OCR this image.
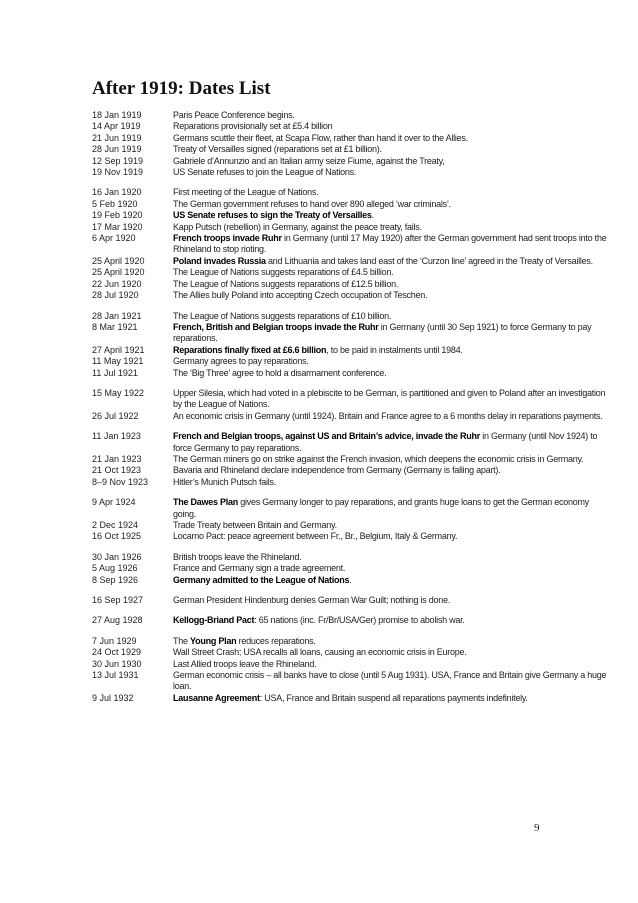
After 1919: Dates List
18 Jan 1919	Paris Peace Conference begins.
14 Apr 1919	Reparations provisionally set at £5.4 billion
21 Jun 1919	Germans scuttle their fleet, at Scapa Flow, rather than hand it over to the Allies.
28 Jun 1919	Treaty of Versailles signed (reparations set at £1 billion).
12 Sep 1919	Gabriele d’Annunzio and an Italian army seize Fiume, against the Treaty,
19 Nov 1919	US Senate refuses to join the League of Nations.
16 Jan 1920	First meeting of the League of Nations.
5 Feb 1920	The German government refuses to hand over 890 alleged ‘war criminals’.
19 Feb 1920	US Senate refuses to sign the Treaty of Versailles.
17 Mar 1920	Kapp Putsch (rebellion) in Germany, against the peace treaty, fails.
6 Apr 1920	French troops invade Ruhr in Germany (until 17 May 1920) after the German government had sent troops into the Rhineland to stop rioting.
25 April 1920	Poland invades Russia and Lithuania and takes land east of the ‘Curzon line’ agreed in the Treaty of Versailles.
25 April 1920	The League of Nations suggests reparations of £4.5 billion.
22 Jun 1920	The League of Nations suggests reparations of £12.5 billion.
28 Jul 1920	The Allies bully Poland into accepting Czech occupation of Teschen.
28 Jan 1921	The League of Nations suggests reparations of £10 billion.
8 Mar 1921	French, British and Belgian troops invade the Ruhr in Germany (until 30 Sep 1921) to force Germany to pay reparations.
27 April 1921	Reparations finally fixed at £6.6 billion, to be paid in instalments until 1984.
11 May 1921	Germany agrees to pay reparations.
11 Jul 1921	The ‘Big Three’ agree to hold a disarmament conference.
15 May 1922	Upper Silesia, which had voted in a plebiscite to be German, is partitioned and given to Poland after an investigation by the League of Nations.
26 Jul 1922	An economic crisis in Germany (until 1924). Britain and France agree to a 6 months delay in reparations payments.
11 Jan 1923	French and Belgian troops, against US and Britain’s advice, invade the Ruhr in Germany (until Nov 1924) to force Germany to pay reparations.
21 Jan 1923	The German miners go on strike against the French invasion, which deepens the economic crisis in Germany.
21 Oct 1923	Bavaria and Rhineland declare independence from Germany (Germany is falling apart).
8–9 Nov 1923	Hitler’s Munich Putsch fails.
9 Apr 1924	The Dawes Plan gives Germany longer to pay reparations, and grants huge loans to get the German economy going.
2 Dec 1924	Trade Treaty between Britain and Germany.
16 Oct 1925	Locarno Pact: peace agreement between Fr., Br., Belgium, Italy & Germany.
30 Jan 1926	British troops leave the Rhineland.
5 Aug 1926	France and Germany sign a trade agreement.
8 Sep 1926	Germany admitted to the League of Nations.
16 Sep 1927	German President Hindenburg denies German War Guilt; nothing is done.
27 Aug 1928	Kellogg-Briand Pact: 65 nations (inc. Fr/Br/USA/Ger) promise to abolish war.
7 Jun 1929	The Young Plan reduces reparations.
24 Oct 1929	Wall Street Crash; USA recalls all loans, causing an economic crisis in Europe.
30 Jun 1930	Last Allied troops leave the Rhineland.
13 Jul 1931	German economic crisis – all banks have to close (until 5 Aug 1931). USA, France and Britain give Germany a huge loan.
9 Jul 1932	Lausanne Agreement: USA, France and Britain suspend all reparations payments indefinitely.
9
